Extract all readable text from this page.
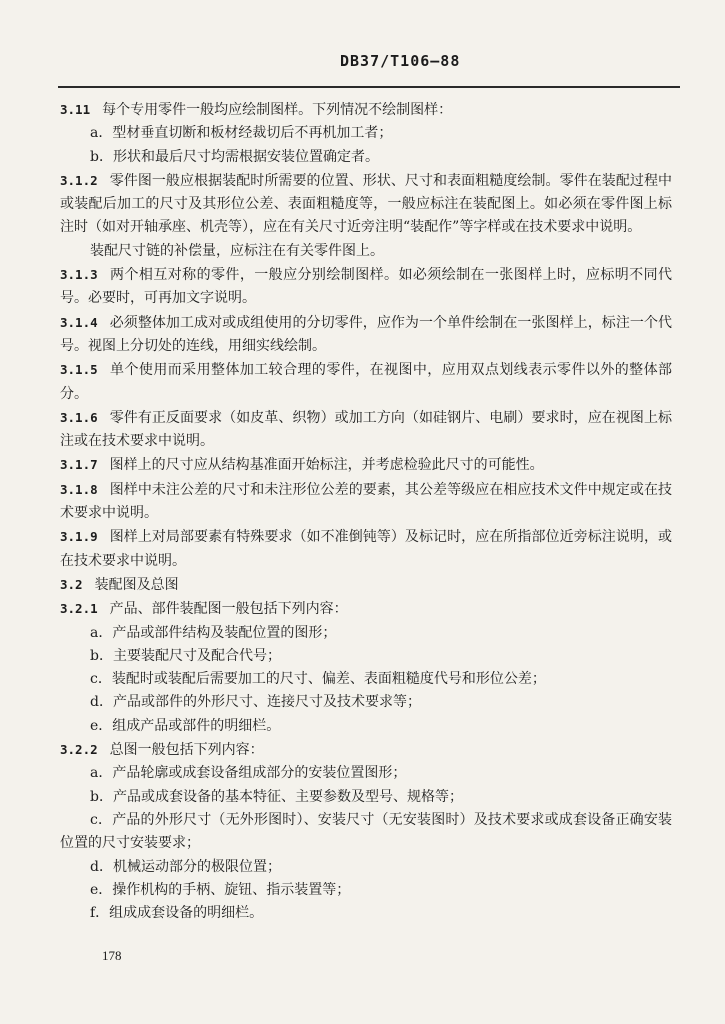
DB37/T106—88

3.11 每个专用零件一般均应绘制图样。下列情况不绘制图样：

a．型材垂直切断和板材经裁切后不再机加工者；

b．形状和最后尺寸均需根据安装位置确定者。

3.1.2 零件图一般应根据装配时所需要的位置、形状、尺寸和表面粗糙度绘制。零件在装配过程中或装配后加工的尺寸及其形位公差、表面粗糙度等，一般应标注在装配图上。如必须在零件图上标注时（如对开轴承座、机壳等），应在有关尺寸近旁注明“装配作”等字样或在技术要求中说明。

装配尺寸链的补偿量，应标注在有关零件图上。

3.1.3 两个相互对称的零件，一般应分别绘制图样。如必须绘制在一张图样上时，应标明不同代号。必要时，可再加文字说明。

3.1.4 必须整体加工成对或成组使用的分切零件，应作为一个单件绘制在一张图样上，标注一个代号。视图上分切处的连线，用细实线绘制。

3.1.5 单个使用而采用整体加工较合理的零件，在视图中，应用双点划线表示零件以外的整体部分。

3.1.6 零件有正反面要求（如皮革、织物）或加工方向（如硅钢片、电刷）要求时，应在视图上标注或在技术要求中说明。

3.1.7 图样上的尺寸应从结构基准面开始标注，并考虑检验此尺寸的可能性。

3.1.8 图样中未注公差的尺寸和未注形位公差的要素，其公差等级应在相应技术文件中规定或在技术要求中说明。

3.1.9 图样上对局部要素有特殊要求（如不准倒钝等）及标记时，应在所指部位近旁标注说明，或在技术要求中说明。

3.2 装配图及总图

3.2.1 产品、部件装配图一般包括下列内容：

a．产品或部件结构及装配位置的图形；

b．主要装配尺寸及配合代号；

c．装配时或装配后需要加工的尺寸、偏差、表面粗糙度代号和形位公差；

d．产品或部件的外形尺寸、连接尺寸及技术要求等；

e．组成产品或部件的明细栏。

3.2.2 总图一般包括下列内容：

a．产品轮廓或成套设备组成部分的安装位置图形；

b．产品或成套设备的基本特征、主要参数及型号、规格等；

c．产品的外形尺寸（无外形图时）、安装尺寸（无安装图时）及技术要求或成套设备正确安装位置的尺寸安装要求；

d．机械运动部分的极限位置；

e．操作机构的手柄、旋钮、指示装置等；

f．组成成套设备的明细栏。

178
